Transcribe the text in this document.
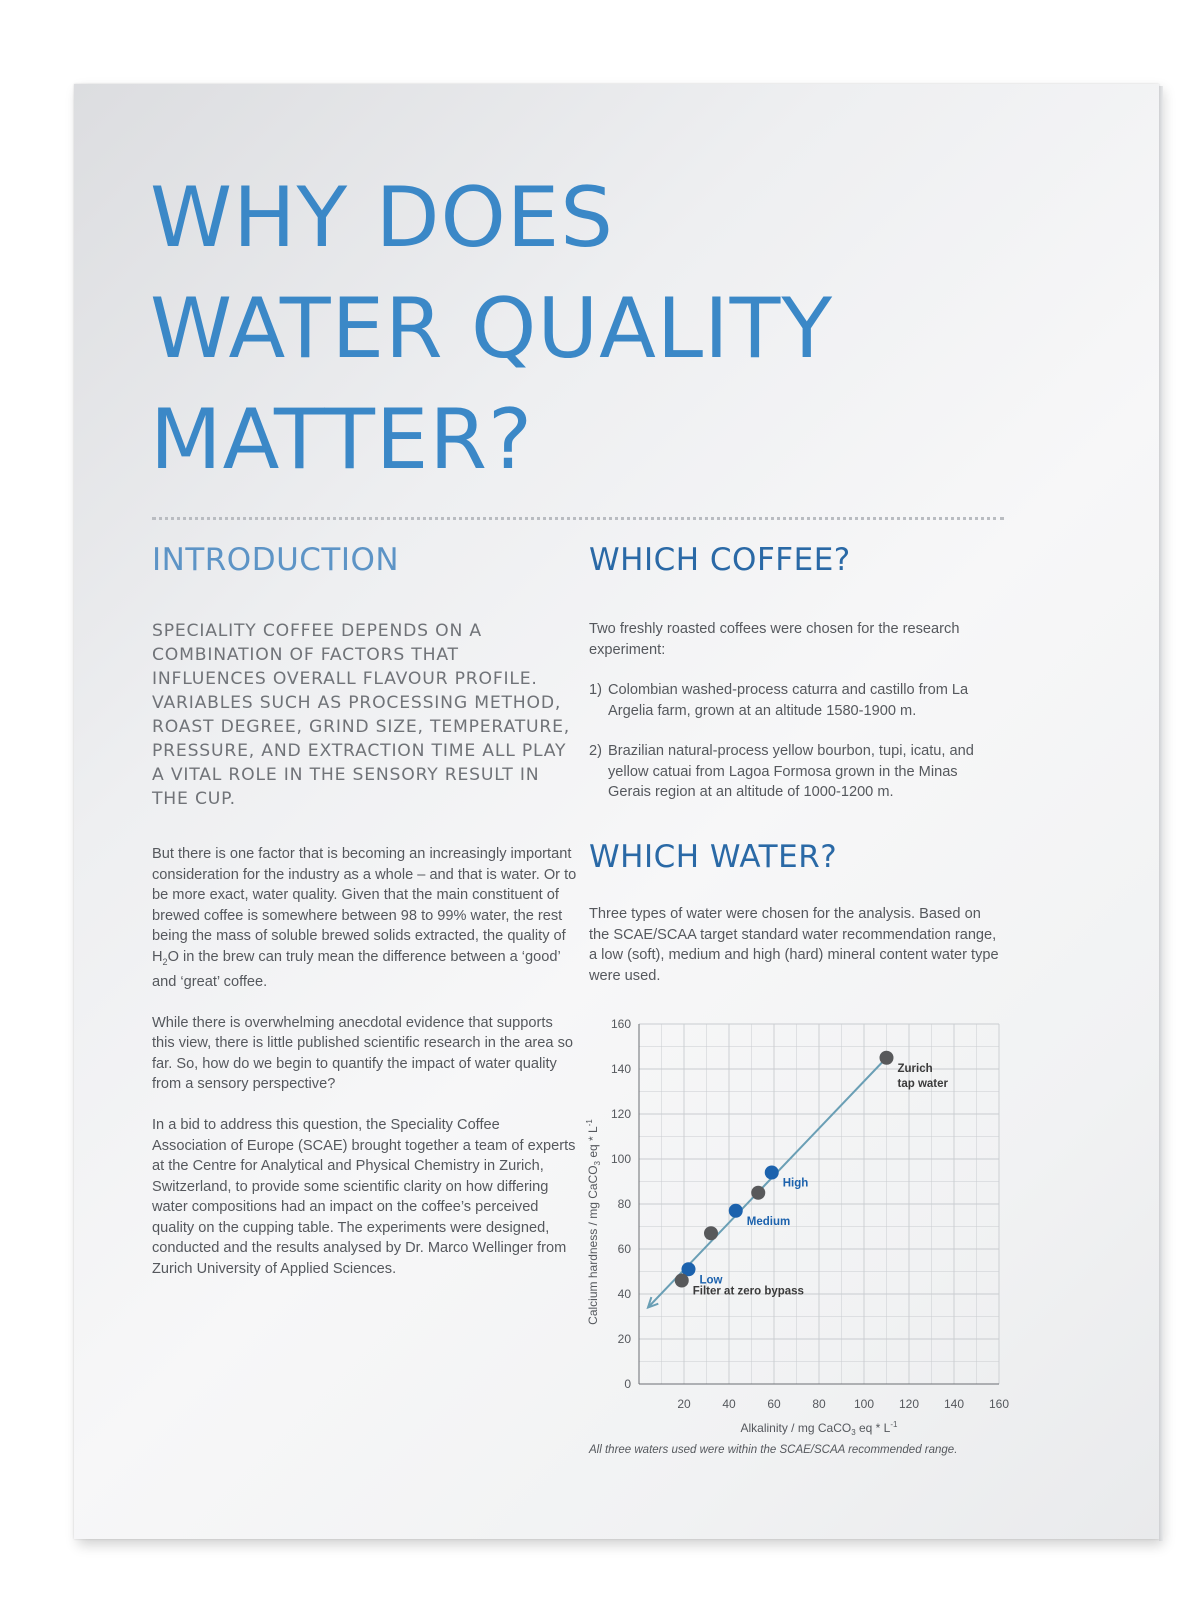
WHY DOES
WATER QUALITY
MATTER?
INTRODUCTION

SPECIALITY COFFEE DEPENDS ON A COMBINATION OF FACTORS THAT INFLUENCES OVERALL FLAVOUR PROFILE. VARIABLES SUCH AS PROCESSING METHOD, ROAST DEGREE, GRIND SIZE, TEMPERATURE, PRESSURE, AND EXTRACTION TIME ALL PLAY A VITAL ROLE IN THE SENSORY RESULT IN THE CUP.

But there is one factor that is becoming an increasingly important consideration for the industry as a whole – and that is water. Or to be more exact, water quality. Given that the main constituent of brewed coffee is somewhere between 98 to 99% water, the rest being the mass of soluble brewed solids extracted, the quality of $H_2O$ in the brew can truly mean the difference between a ‘good’ and ‘great’ coffee.

While there is overwhelming anecdotal evidence that supports this view, there is little published scientific research in the area so far. So, how do we begin to quantify the impact of water quality from a sensory perspective?

In a bid to address this question, the Speciality Coffee Association of Europe (SCAE) brought together a team of experts at the Centre for Analytical and Physical Chemistry in Zurich, Switzerland, to provide some scientific clarity on how differing water compositions had an impact on the coffee’s perceived quality on the cupping table. The experiments were designed, conducted and the results analysed by Dr. Marco Wellinger from Zurich University of Applied Sciences.

WHICH COFFEE?

Two freshly roasted coffees were chosen for the research experiment:

1) Colombian washed-process caturra and castillo from La Argelia farm, grown at an altitude 1580-1900 m.
2) Brazilian natural-process yellow bourbon, tupi, icatu, and yellow catuai from Lagoa Formosa grown in the Minas Gerais region at an altitude of 1000-1200 m.
WHICH WATER?

Three types of water were chosen for the analysis. Based on the SCAE/SCAA target standard water recommendation range, a low (soft), medium and high (hard) mineral content water type were used.

20	40	60	80 100 120 140 160
0
20
40
60
80
100
120
140
160
Alkalinity / mg CaCO$_3$ eq * $L^{-1}$
Calcium hardness / mg CaCO$_3$ eq * $L^{-1}$
Zurich
tap water
High
Medium
Low
Filter at zero bypass

All three waters used were within the SCAE/SCAA recommended range.
